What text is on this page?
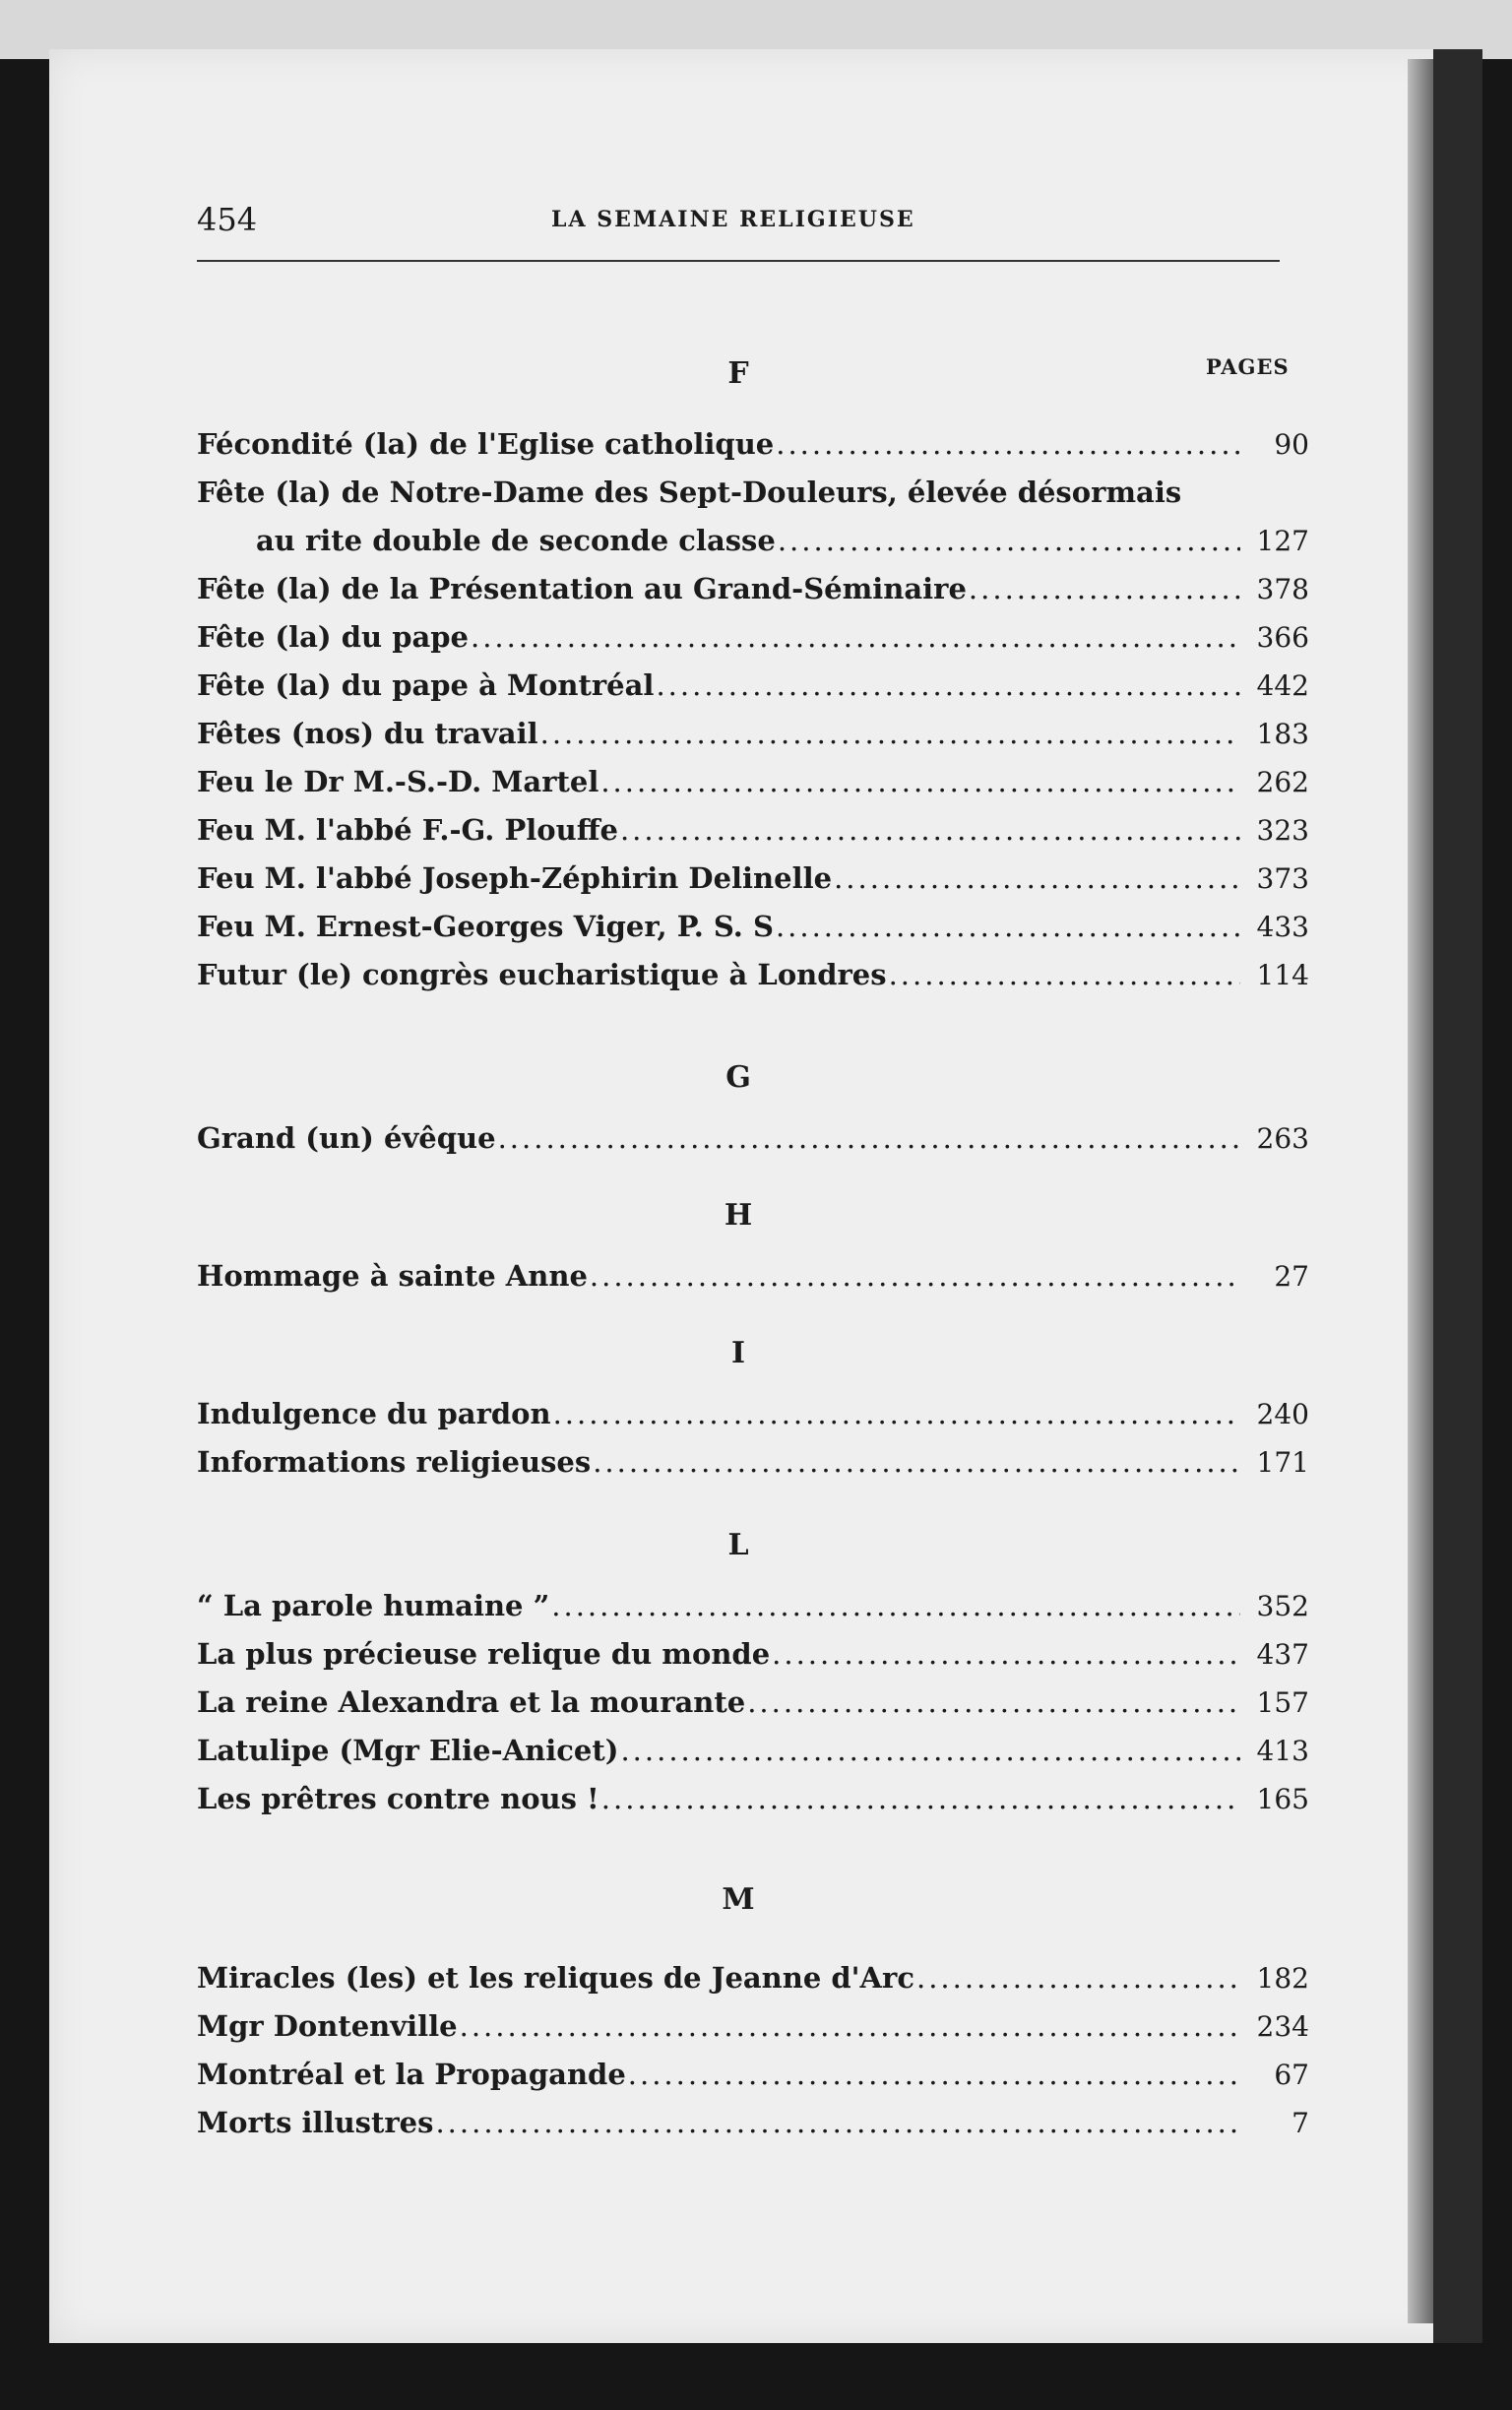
454	LA SEMAINE RELIGIEUSE
PAGES
F
Fécondité (la) de l'Eglise catholique .....	90
Fête (la) de Notre-Dame des Sept-Douleurs, élevée désormais
au rite double de seconde classe .....	127
Fête (la) de la Présentation au Grand-Séminaire .....	378
Fête (la) du pape .....	366
Fête (la) du pape à Montréal .....	442
Fêtes (nos) du travail .....	183
Feu le Dr M.-S.-D. Martel .....	262
Feu M. l'abbé F.-G. Plouffe .....	323
Feu M. l'abbé Joseph-Zéphirin Delinelle .....	373
Feu M. Ernest-Georges Viger, P. S. S .....	433
Futur (le) congrès eucharistique à Londres .....	114
G
Grand (un) évêque .....	263
H
Hommage à sainte Anne .....	27
I
Indulgence du pardon .....	240
Informations religieuses .....	171
L
“ La parole humaine ” .....	352
La plus précieuse relique du monde .....	437
La reine Alexandra et la mourante .....	157
Latulipe (Mgr Elie-Anicet) .....	413
Les prêtres contre nous ! .....	165
M
Miracles (les) et les reliques de Jeanne d'Arc .....	182
Mgr Dontenville .....	234
Montréal et la Propagande .....	67
Morts illustres .....	7
